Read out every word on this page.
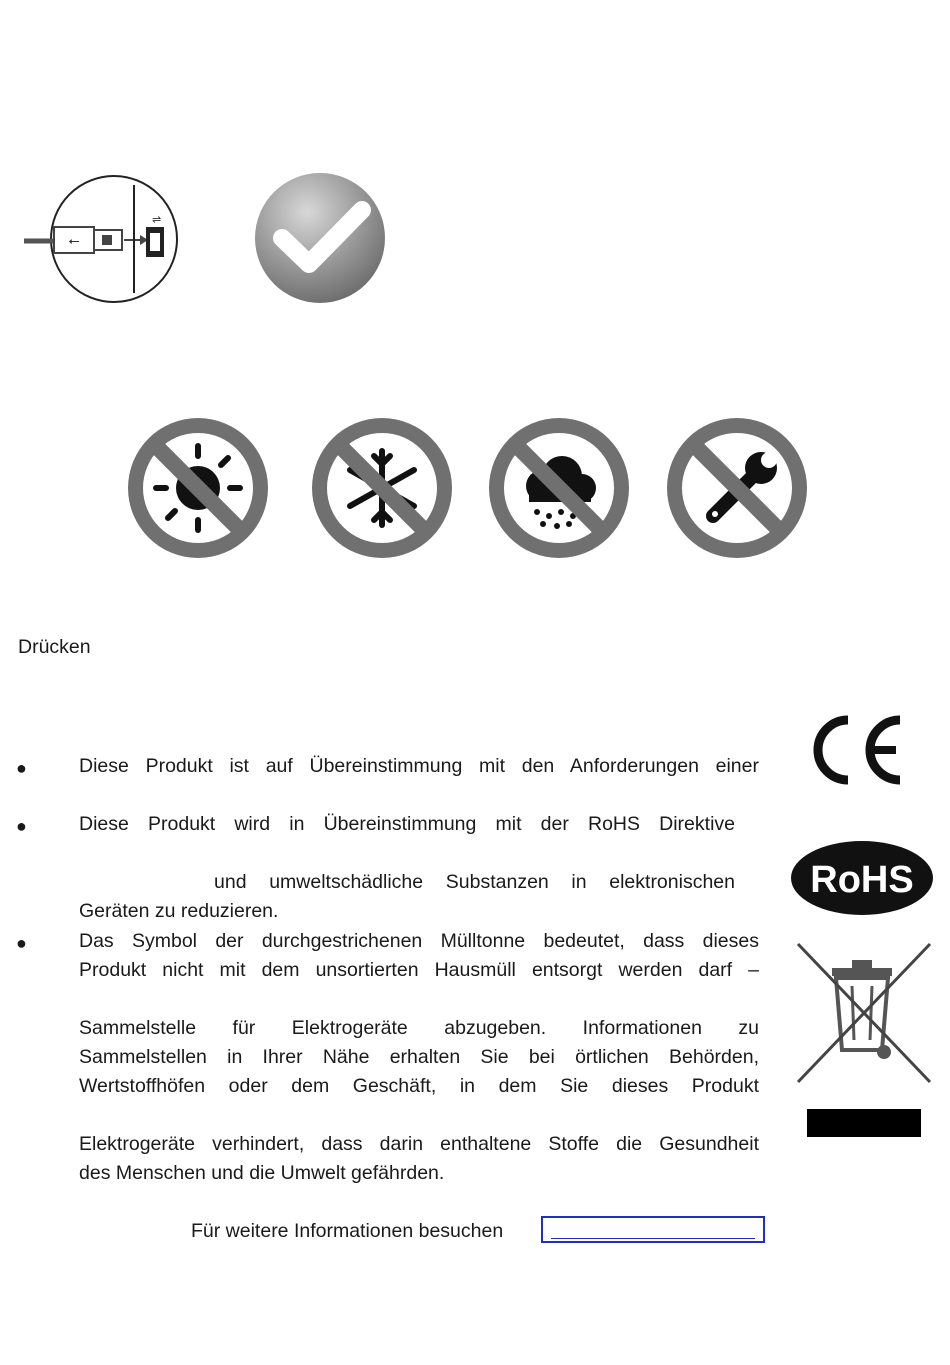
⭠
⇌
Drücken
●	Diese Produkt ist auf Übereinstimmung mit den Anforderungen einer
●	Diese Produkt wird in Übereinstimmung mit der RoHS Direktive
und umweltschädliche Substanzen in elektronischen
Geräten zu reduzieren.
●	Das Symbol der durchgestrichenen Mülltonne bedeutet, dass dieses
Produkt nicht mit dem unsortierten Hausmüll entsorgt werden darf –
Sammelstelle für Elektrogeräte abzugeben. Informationen zu
Sammelstellen in Ihrer Nähe erhalten Sie bei örtlichen Behörden,
Wertstoffhöfen oder dem Geschäft, in dem Sie dieses Produkt
Elektrogeräte verhindert, dass darin enthaltene Stoffe die Gesundheit
des Menschen und die Umwelt gefährden.
Für weitere Informationen besuchen
RoHS
